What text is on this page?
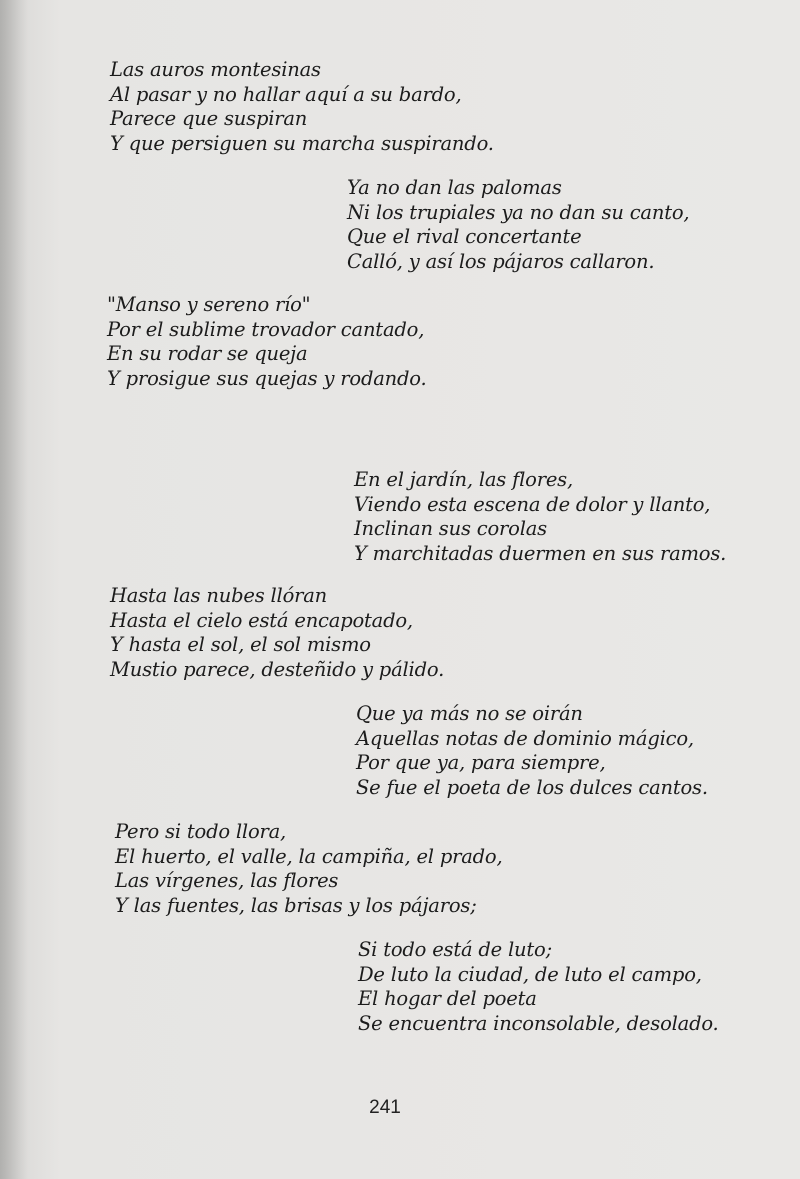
Las auros montesinas
Al pasar y no hallar aquí a su bardo,
Parece que suspiran
Y que persiguen su marcha suspirando.

Ya no dan las palomas
Ni los trupiales ya no dan su canto,
Que el rival concertante
Calló, y así los pájaros callaron.

"Manso y sereno río"
Por el sublime trovador cantado,
En su rodar se queja
Y prosigue sus quejas y rodando.

En el jardín, las flores,
Viendo esta escena de dolor y llanto,
Inclinan sus corolas
Y marchitadas duermen en sus ramos.

Hasta las nubes llóran
Hasta el cielo está encapotado,
Y hasta el sol, el sol mismo
Mustio parece, desteñido y pálido.

Que ya más no se oirán
Aquellas notas de dominio mágico,
Por que ya, para siempre,
Se fue el poeta de los dulces cantos.

Pero si todo llora,
El huerto, el valle, la campiña, el prado,
Las vírgenes, las flores
Y las fuentes, las brisas y los pájaros;

Si todo está de luto;
De luto la ciudad, de luto el campo,
El hogar del poeta
Se encuentra inconsolable, desolado.

241
